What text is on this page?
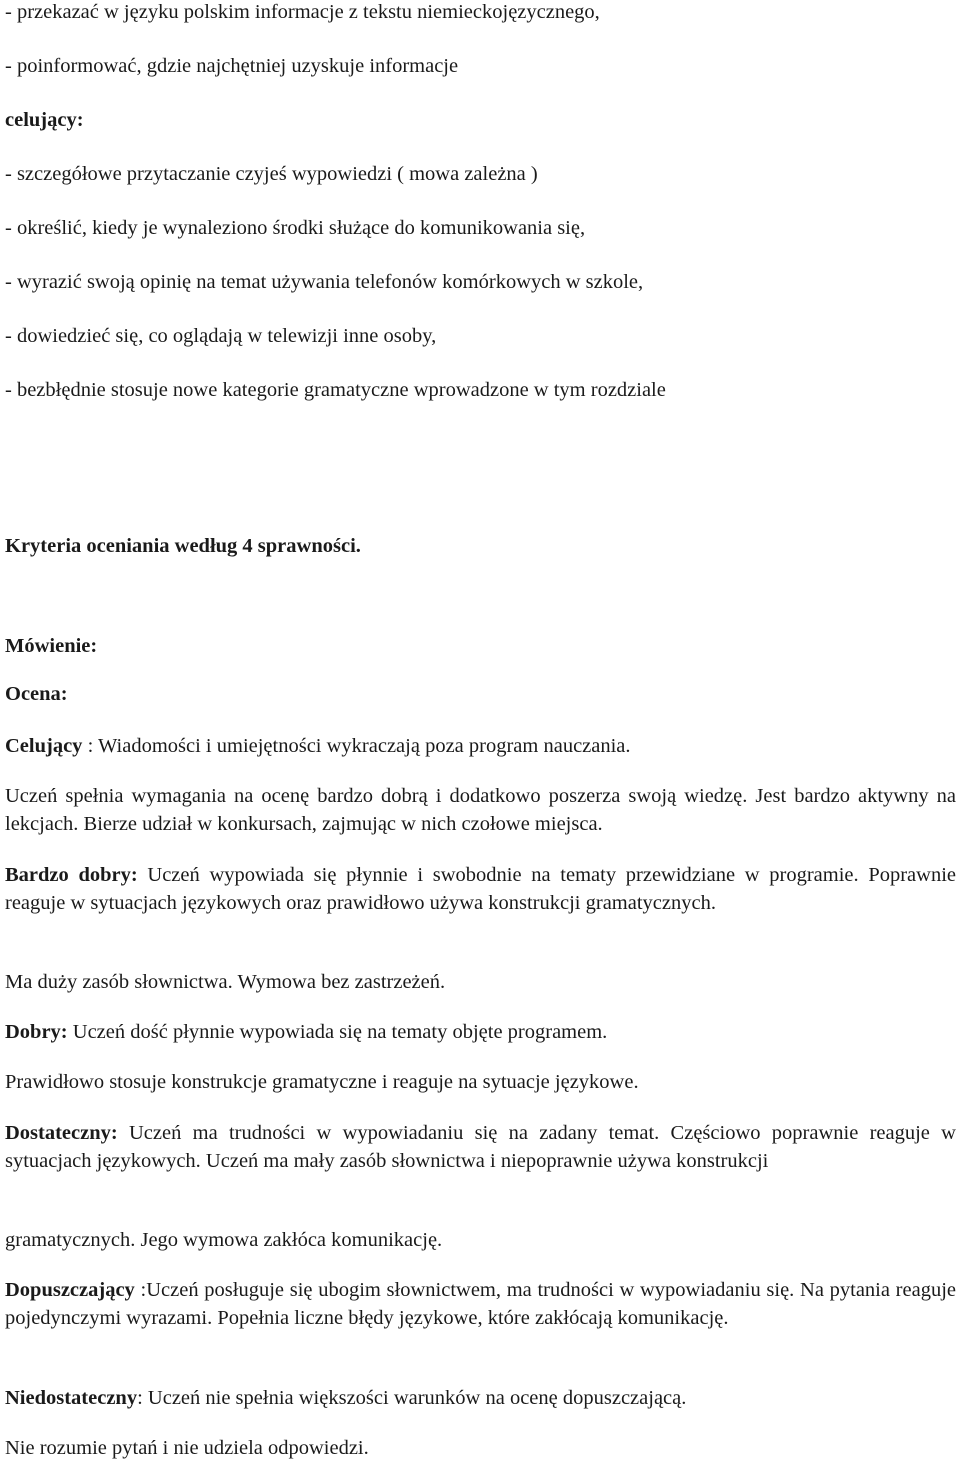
- przekazać w języku polskim informacje z tekstu niemieckojęzycznego,
- poinformować, gdzie najchętniej uzyskuje informacje
celujący:
- szczegółowe przytaczanie czyjeś wypowiedzi ( mowa zależna )
- określić, kiedy je wynaleziono środki służące do komunikowania się,
- wyrazić swoją opinię na temat używania telefonów komórkowych w szkole,
- dowiedzieć się, co oglądają w telewizji inne osoby,
- bezbłędnie stosuje nowe kategorie gramatyczne wprowadzone w tym rozdziale
Kryteria oceniania według 4 sprawności.
Mówienie:
Ocena:
Celujący : Wiadomości i umiejętności wykraczają poza program nauczania.
Uczeń spełnia wymagania na ocenę bardzo dobrą i dodatkowo poszerza swoją wiedzę. Jest bardzo aktywny na lekcjach. Bierze udział w konkursach, zajmując w nich czołowe miejsca.
Bardzo dobry: Uczeń wypowiada się płynnie i swobodnie na tematy przewidziane w programie. Poprawnie reaguje w sytuacjach językowych oraz prawidłowo używa konstrukcji gramatycznych.
Ma duży zasób słownictwa. Wymowa bez zastrzeżeń.
Dobry: Uczeń dość płynnie wypowiada się na tematy objęte programem.
Prawidłowo stosuje konstrukcje gramatyczne i reaguje na sytuacje językowe.
Dostateczny: Uczeń ma trudności w wypowiadaniu się na zadany temat. Częściowo poprawnie reaguje w sytuacjach językowych. Uczeń ma mały zasób słownictwa i niepoprawnie używa konstrukcji
gramatycznych. Jego wymowa zakłóca komunikację.
Dopuszczający :Uczeń posługuje się ubogim słownictwem, ma trudności w wypowiadaniu się. Na pytania reaguje pojedynczymi wyrazami. Popełnia liczne błędy językowe, które zakłócają komunikację.
Niedostateczny: Uczeń nie spełnia większości warunków na ocenę dopuszczającą.
Nie rozumie pytań i nie udziela odpowiedzi.
